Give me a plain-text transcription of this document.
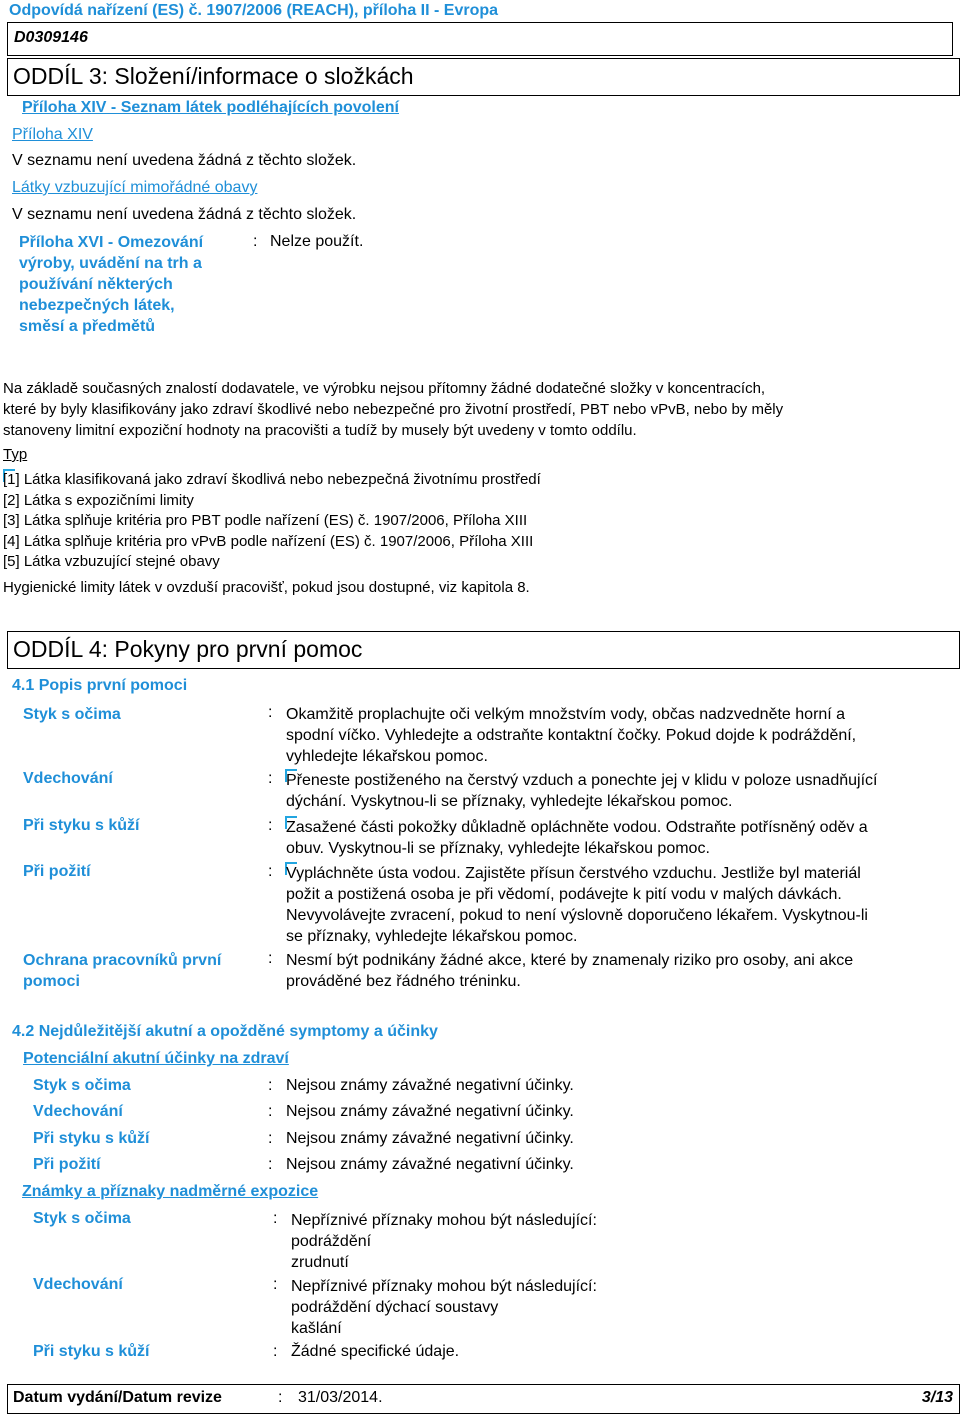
Odpovídá nařízení (ES) č. 1907/2006 (REACH), příloha II - Evropa
D0309146
ODDÍL 3: Složení/informace o složkách
Příloha XIV - Seznam látek podléhajících povolení
Příloha XIV
V seznamu není uvedena žádná z těchto složek.
Látky vzbuzující mimořádné obavy
V seznamu není uvedena žádná z těchto složek.
Příloha XVI - Omezování
výroby, uvádění na trh a
používání některých
nebezpečných látek,
směsí a předmětů
: Nelze použít.
Na základě současných znalostí dodavatele, ve výrobku nejsou přítomny žádné dodatečné složky v koncentracích,
které by byly klasifikovány jako zdraví škodlivé nebo nebezpečné pro životní prostředí, PBT nebo vPvB, nebo by měly
stanoveny limitní expoziční hodnoty na pracovišti a tudíž by musely být uvedeny v tomto oddílu.
Typ
[1] Látka klasifikovaná jako zdraví škodlivá nebo nebezpečná životnímu prostředí
[2] Látka s expozičními limity
[3] Látka splňuje kritéria pro PBT podle nařízení (ES) č. 1907/2006, Příloha XIII
[4] Látka splňuje kritéria pro vPvB podle nařízení (ES) č. 1907/2006, Příloha XIII
[5] Látka vzbuzující stejné obavy
Hygienické limity látek v ovzduší pracovišť, pokud jsou dostupné, viz kapitola 8.
ODDÍL 4: Pokyny pro první pomoc
4.1 Popis první pomoci
Styk s očima	: Okamžitě proplachujte oči velkým množstvím vody, občas nadzvedněte horní a
spodní víčko. Vyhledejte a odstraňte kontaktní čočky. Pokud dojde k podráždění,
vyhledejte lékařskou pomoc.
Vdechování	: Přeneste postiženého na čerstvý vzduch a ponechte jej v klidu v poloze usnadňující
dýchání. Vyskytnou-li se příznaky, vyhledejte lékařskou pomoc.
Při styku s kůží	: Zasažené části pokožky důkladně opláchněte vodou. Odstraňte potřísněný oděv a
obuv. Vyskytnou-li se příznaky, vyhledejte lékařskou pomoc.
Při požití	: Vypláchněte ústa vodou. Zajistěte přísun čerstvého vzduchu. Jestliže byl materiál
požit a postižená osoba je při vědomí, podávejte k pití vodu v malých dávkách.
Nevyvolávejte zvracení, pokud to není výslovně doporučeno lékařem. Vyskytnou-li
se příznaky, vyhledejte lékařskou pomoc.
Ochrana pracovníků první
pomoci
: Nesmí být podnikány žádné akce, které by znamenaly riziko pro osoby, ani akce
prováděné bez řádného tréninku.
4.2 Nejdůležitější akutní a opožděné symptomy a účinky
Potenciální akutní účinky na zdraví
Styk s očima	: Nejsou známy závažné negativní účinky.
Vdechování	: Nejsou známy závažné negativní účinky.
Při styku s kůží	: Nejsou známy závažné negativní účinky.
Při požití	: Nejsou známy závažné negativní účinky.
Známky a příznaky nadměrné expozice
Styk s očima	: Nepříznivé příznaky mohou být následující:
podráždění
zrudnutí
Vdechování	: Nepříznivé příznaky mohou být následující:
podráždění dýchací soustavy
kašlání
Při styku s kůží	: Žádné specifické údaje.
Datum vydání/Datum revize	: 31/03/2014.	3/13
